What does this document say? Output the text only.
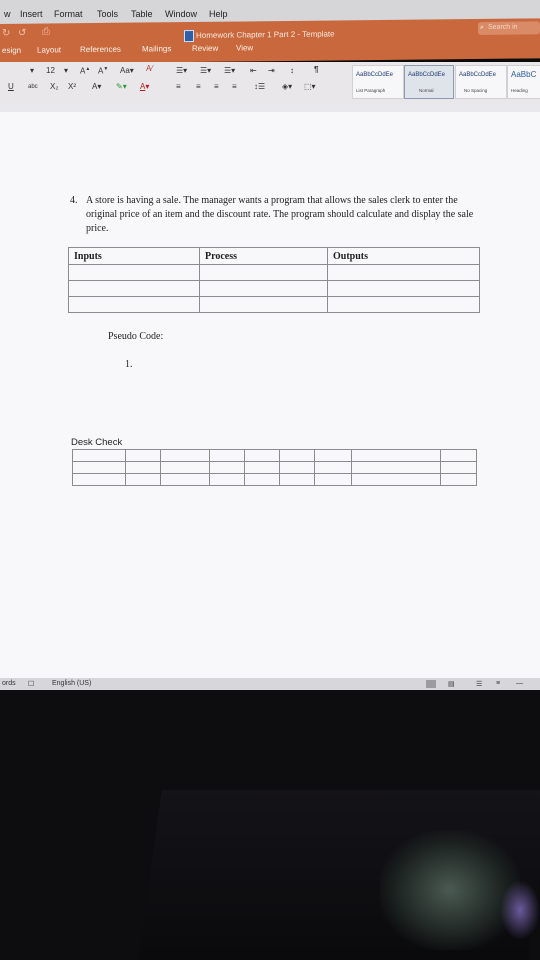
w Insert Format Tools Table Window Help
↻ ↺ ⎙	Homework Chapter 1 Part 2 - Template
⌕ Search in
esign Layout References	Mailings	Review View
▾ 12 ▾ A▲ A▼ Aa▾ A⁄	☰▾ ☰▾ ☰▾ ⇤ ⇥ ↕	¶
U abc X₂ X² A▾ ✎▾ A▾	≡ ≡ ≡ ≡ ↕☰ ◈▾ ⬚▾
AaBbCcDdEe
List Paragraph
AaBbCcDdEe
Normal
AaBbCcDdEe
No Spacing
AaBbC
Heading
4. A store is having a sale. The manager wants a program that allows the sales clerk to enter the original price of an item and the discount rate. The program should calculate and display the sale price.
Inputs	Process	Outputs

Pseudo Code:
1.
Desk Check

ords ☐	English (US)	▤	☰ ≡ —
